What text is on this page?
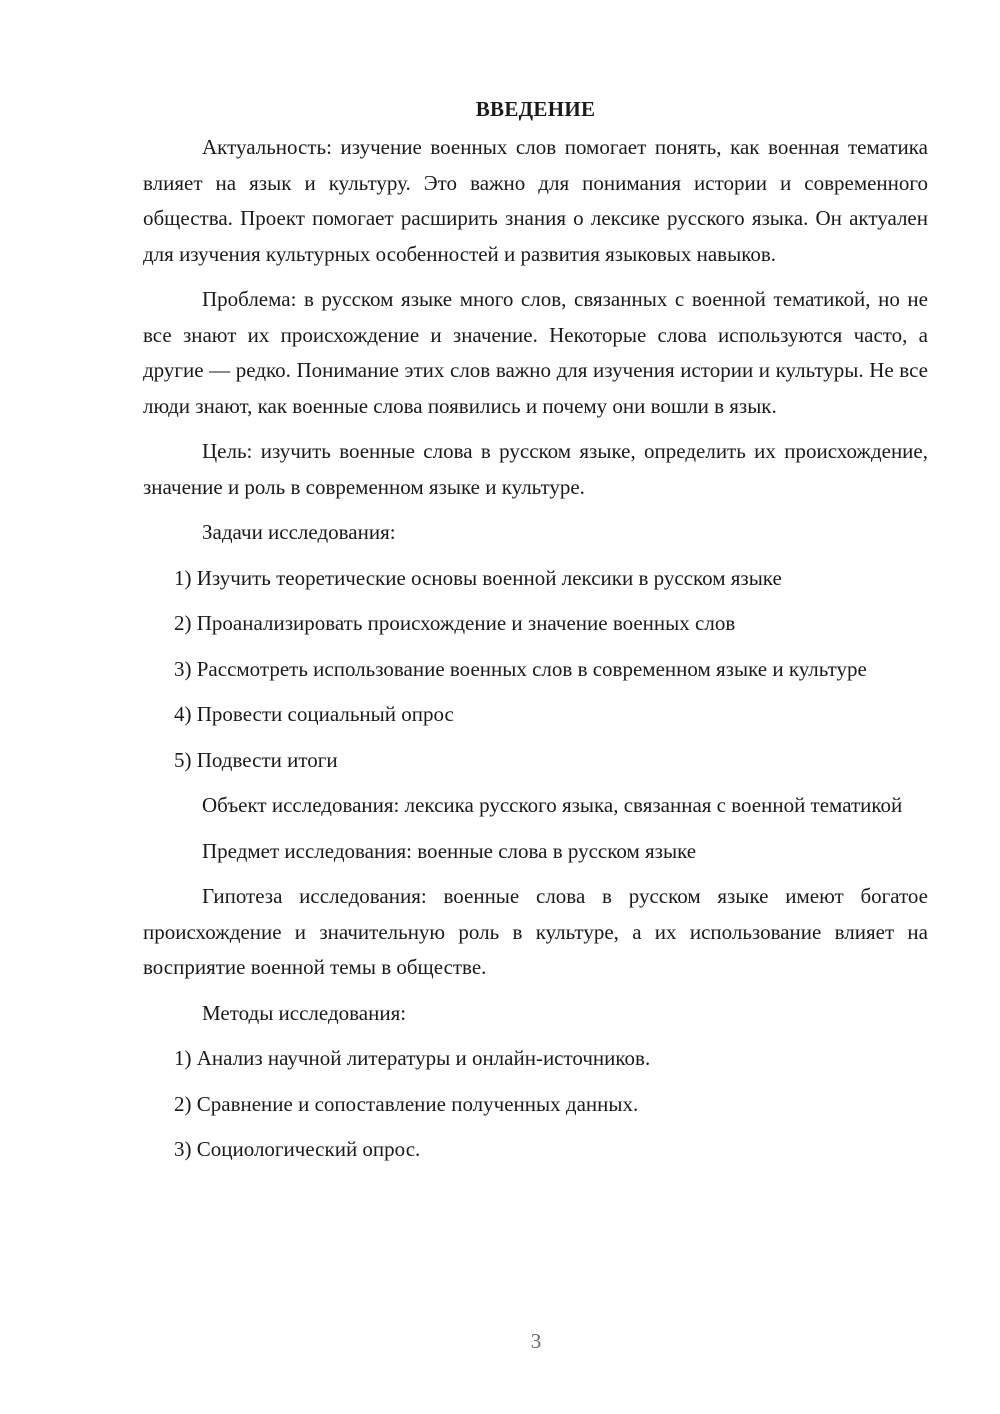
ВВЕДЕНИЕ

Актуальность: изучение военных слов помогает понять, как военная тематика влияет на язык и культуру. Это важно для понимания истории и современного общества. Проект помогает расширить знания о лексике русского языка. Он актуален для изучения культурных особенностей и развития языковых навыков.

Проблема: в русском языке много слов, связанных с военной тематикой, но не все знают их происхождение и значение. Некоторые слова используются часто, а другие — редко. Понимание этих слов важно для изучения истории и культуры. Не все люди знают, как военные слова появились и почему они вошли в язык.

Цель: изучить военные слова в русском языке, определить их происхождение, значение и роль в современном языке и культуре.

Задачи исследования:

1) Изучить теоретические основы военной лексики в русском языке

2) Проанализировать происхождение и значение военных слов

3) Рассмотреть использование военных слов в современном языке и культуре

4) Провести социальный опрос

5) Подвести итоги

Объект исследования: лексика русского языка, связанная с военной тематикой

Предмет исследования: военные слова в русском языке

Гипотеза исследования: военные слова в русском языке имеют богатое происхождение и значительную роль в культуре, а их использование влияет на восприятие военной темы в обществе.

Методы исследования:

1) Анализ научной литературы и онлайн-источников.

2) Сравнение и сопоставление полученных данных.

3) Социологический опрос.

3
